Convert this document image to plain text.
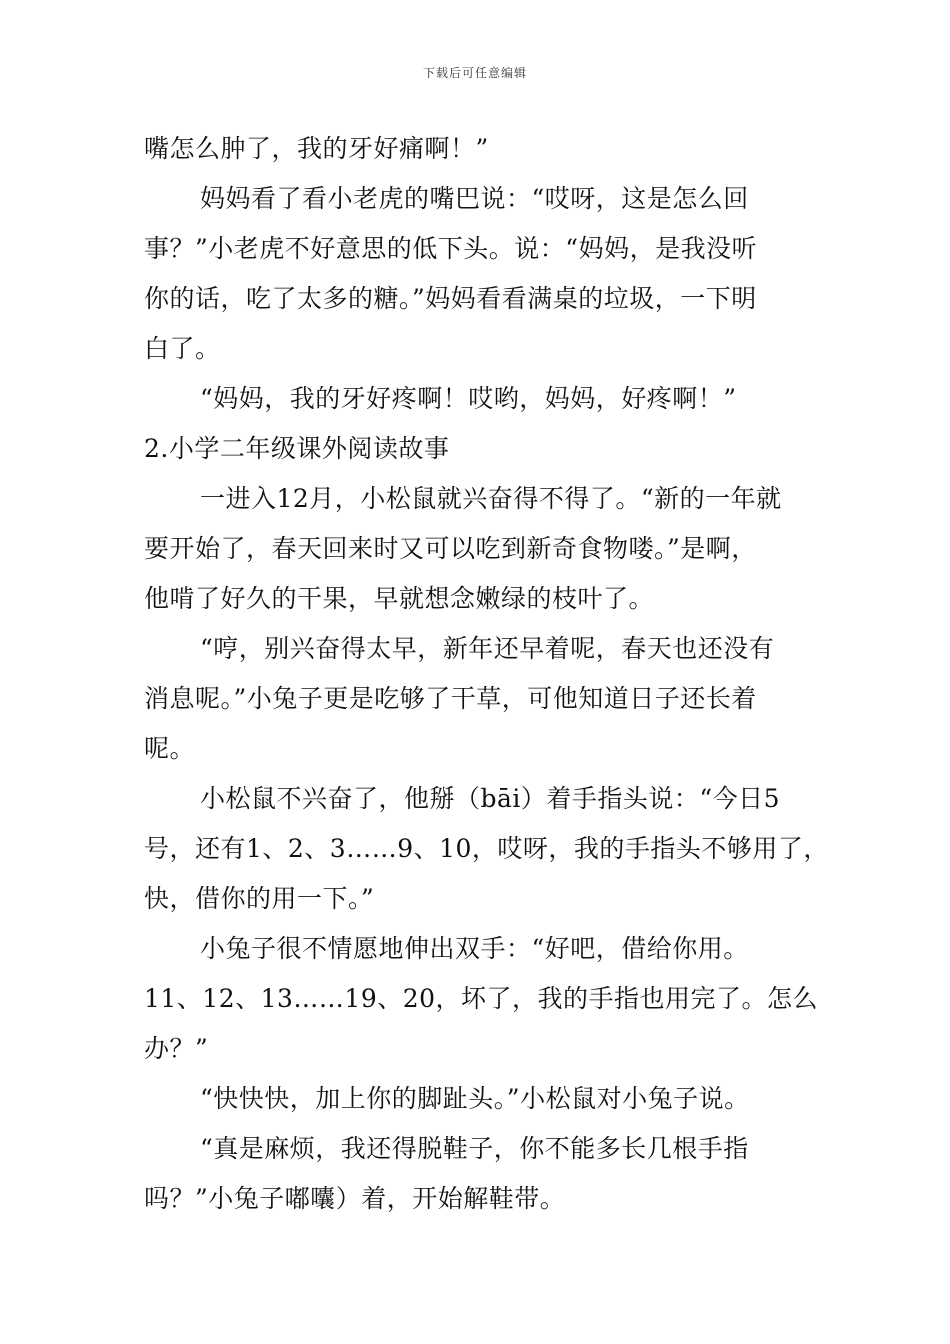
下载后可任意编辑
嘴怎么肿了，我的牙好痛啊！”
妈妈看了看小老虎的嘴巴说：“哎呀，这是怎么回
事？”小老虎不好意思的低下头。说：“妈妈，是我没听
你的话，吃了太多的糖。”妈妈看看满桌的垃圾，一下明
白了。
“妈妈，我的牙好疼啊！哎哟，妈妈，好疼啊！”
2.小学二年级课外阅读故事
一进入12月，小松鼠就兴奋得不得了。“新的一年就
要开始了，春天回来时又可以吃到新奇食物喽。”是啊，
他啃了好久的干果，早就想念嫩绿的枝叶了。
“哼，别兴奋得太早，新年还早着呢，春天也还没有
消息呢。”小兔子更是吃够了干草，可他知道日子还长着
呢。
小松鼠不兴奋了，他掰（bāi）着手指头说：“今日5
号，还有1、2、3……9、10，哎呀，我的手指头不够用了，
快，借你的用一下。”
小兔子很不情愿地伸出双手：“好吧，借给你用。
11、12、13……19、20，坏了，我的手指也用完了。怎么
办？”
“快快快，加上你的脚趾头。”小松鼠对小兔子说。
“真是麻烦，我还得脱鞋子，你不能多长几根手指
吗？”小兔子嘟囔）着，开始解鞋带。
